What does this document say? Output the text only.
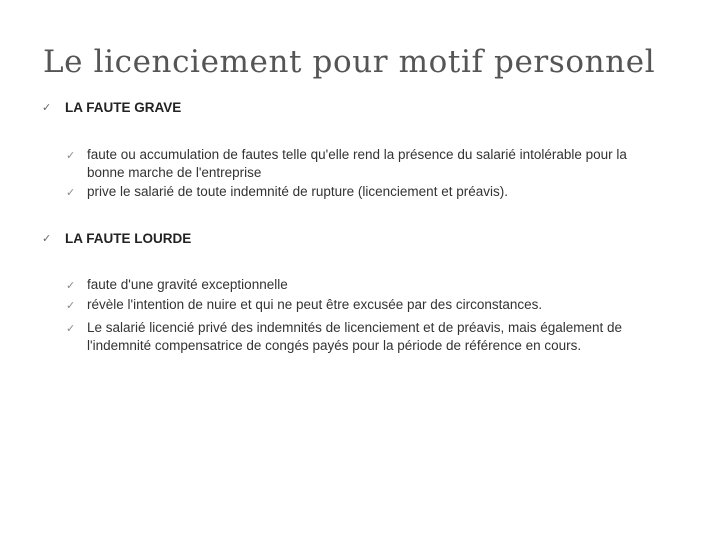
Le licenciement pour motif personnel
✓ LA FAUTE GRAVE
✓ faute ou accumulation de fautes telle qu'elle rend la présence du salarié intolérable pour la bonne marche de l'entreprise
✓ prive le salarié de toute indemnité de rupture (licenciement et préavis).
✓ LA FAUTE LOURDE
✓ faute d'une gravité exceptionnelle
✓ révèle l'intention de nuire et qui ne peut être excusée par des circonstances.
✓ Le salarié licencié privé des indemnités de licenciement et de préavis, mais également de l'indemnité compensatrice de congés payés pour la période de référence en cours.
